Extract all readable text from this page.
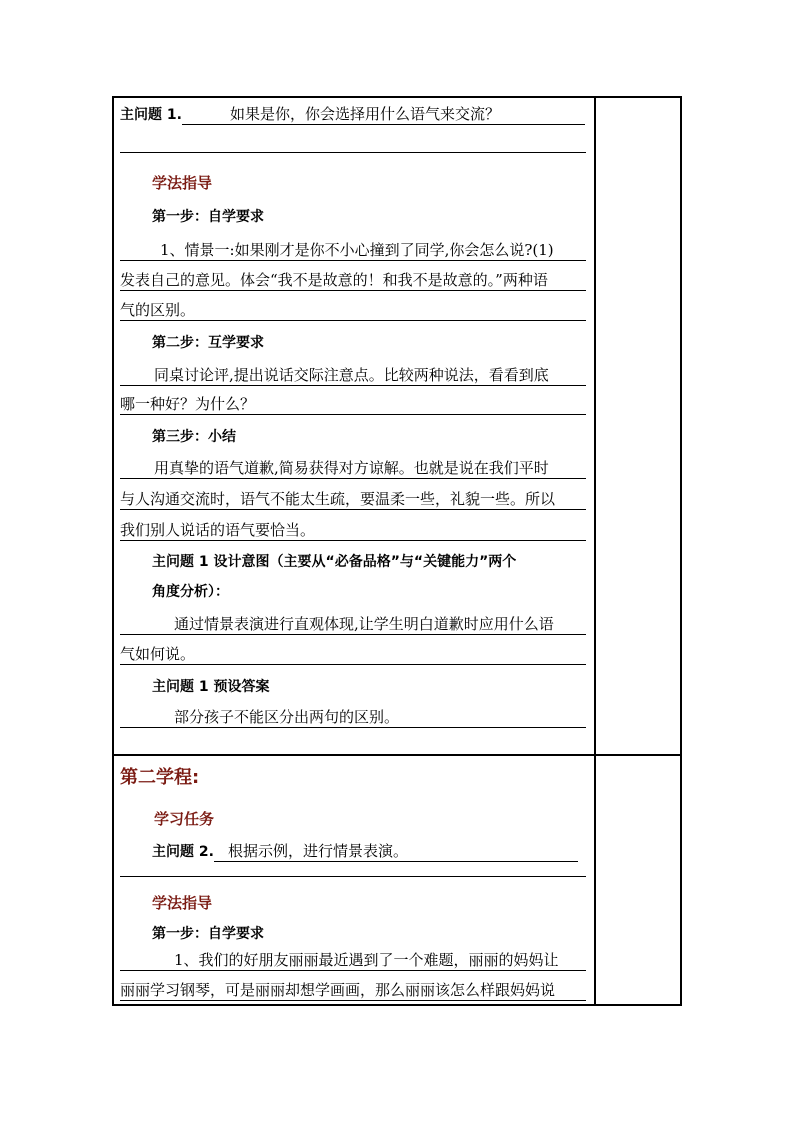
主问题 1.	如果是你，你会选择用什么语气来交流？
学法指导
第一步：自学要求
1、情景一:如果刚才是你不小心撞到了同学,你会怎么说?(1)
发表自己的意见。体会“我不是故意的！和我不是故意的。”两种语
气的区别。
第二步：互学要求
同桌讨论评,提出说话交际注意点。比较两种说法，看看到底
哪一种好？为什么？
第三步：小结
用真挚的语气道歉,简易获得对方谅解。也就是说在我们平时
与人沟通交流时，语气不能太生疏，要温柔一些，礼貌一些。所以
我们别人说话的语气要恰当。
主问题 1 设计意图（主要从“必备品格”与“关键能力”两个
角度分析）：
通过情景表演进行直观体现,让学生明白道歉时应用什么语
气如何说。
主问题 1 预设答案
部分孩子不能区分出两句的区别。
第二学程:
学习任务
主问题 2. 根据示例，进行情景表演。
学法指导
第一步：自学要求
1、我们的好朋友丽丽最近遇到了一个难题，丽丽的妈妈让
丽丽学习钢琴，可是丽丽却想学画画，那么丽丽该怎么样跟妈妈说
